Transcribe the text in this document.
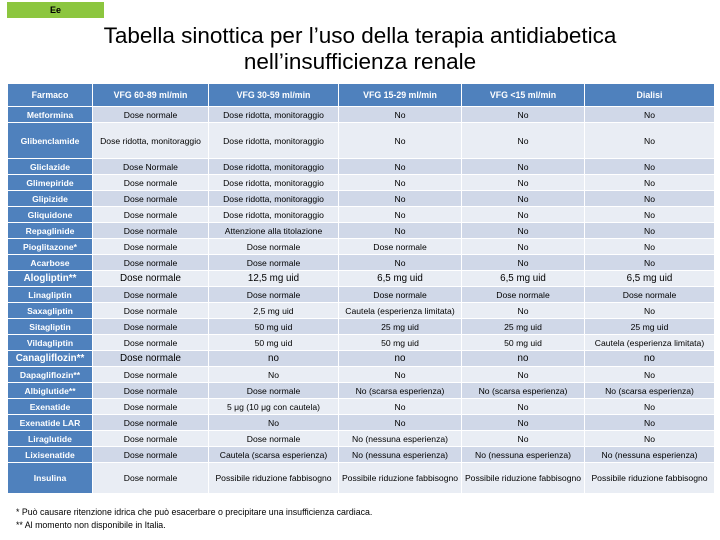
Ee
Tabella sinottica per l’uso della terapia antidiabetica
nell’insufficienza renale
Farmaco	VFG 60-89 ml/min	VFG 30-59 ml/min	VFG 15-29 ml/min	VFG <15 ml/min	Dialisi
Metformina	Dose normale	Dose ridotta, monitoraggio	No	No	No
Glibenclamide	Dose ridotta, monitoraggio	Dose ridotta, monitoraggio	No	No	No
Gliclazide	Dose Normale	Dose ridotta, monitoraggio	No	No	No
Glimepiride	Dose normale	Dose ridotta, monitoraggio	No	No	No
Glipizide	Dose normale	Dose ridotta, monitoraggio	No	No	No
Gliquidone	Dose normale	Dose ridotta, monitoraggio	No	No	No
Repaglinide	Dose normale	Attenzione alla titolazione	No	No	No
Pioglitazone*	Dose normale	Dose normale	Dose normale	No	No
Acarbose	Dose normale	Dose normale	No	No	No
Alogliptin**	Dose normale	12,5 mg uid	6,5 mg uid	6,5 mg uid	6,5 mg uid
Linagliptin	Dose normale	Dose normale	Dose normale	Dose normale	Dose normale
Saxagliptin	Dose normale	2,5 mg uid	Cautela (esperienza limitata)	No	No
Sitagliptin	Dose normale	50 mg uid	25 mg uid	25 mg uid	25 mg uid
Vildagliptin	Dose normale	50 mg uid	50 mg uid	50 mg uid	Cautela (esperienza limitata)
Canagliflozin**	Dose normale	no	no	no	no
Dapagliflozin**	Dose normale	No	No	No	No
Albiglutide**	Dose normale	Dose normale	No (scarsa esperienza)	No (scarsa esperienza)	No (scarsa esperienza)
Exenatide	Dose normale	5 μg (10 μg con cautela)	No	No	No
Exenatide LAR	Dose normale	No	No	No	No
Liraglutide	Dose normale	Dose normale	No (nessuna esperienza)	No	No
Lixisenatide	Dose normale	Cautela (scarsa esperienza)	No (nessuna esperienza)	No (nessuna esperienza)	No (nessuna esperienza)
Insulina	Dose normale	Possibile riduzione fabbisogno	Possibile riduzione fabbisogno	Possibile riduzione fabbisogno	Possibile riduzione fabbisogno
* Può causare ritenzione idrica che può esacerbare o precipitare una insufficienza cardiaca.
** Al momento non disponibile in Italia.
